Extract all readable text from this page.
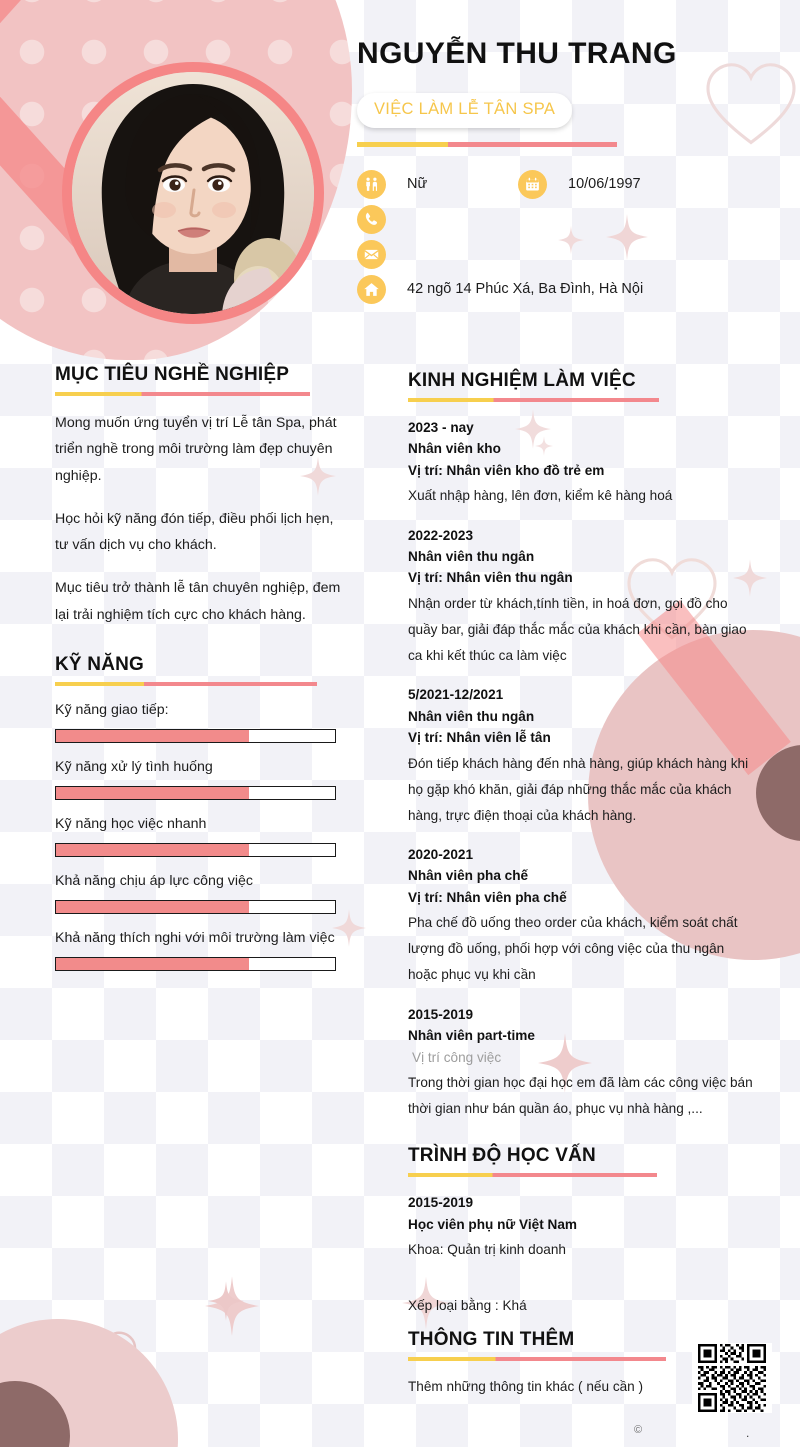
NGUYỄN THU TRANG
VIỆC LÀM LỄ TÂN SPA
Nữ	10/06/1997
42 ngõ 14 Phúc Xá, Ba Đình, Hà Nội
MỤC TIÊU NGHỀ NGHIỆP
Mong muốn ứng tuyển vị trí Lễ tân Spa, phát triển nghề trong môi trường làm đẹp chuyên nghiệp.
Học hỏi kỹ năng đón tiếp, điều phối lịch hẹn, tư vấn dịch vụ cho khách.
Mục tiêu trở thành lễ tân chuyên nghiệp, đem lại trải nghiệm tích cực cho khách hàng.
KỸ NĂNG
Kỹ năng giao tiếp:
Kỹ năng xử lý tình huống
Kỹ năng học việc nhanh
Khả năng chịu áp lực công việc
Khả năng thích nghi với môi trường làm việc
KINH NGHIỆM LÀM VIỆC
2023 - nay
Nhân viên kho
Vị trí: Nhân viên kho đồ trẻ em
Xuất nhập hàng, lên đơn, kiểm kê hàng hoá
2022-2023
Nhân viên thu ngân
Vị trí: Nhân viên thu ngân
Nhận order từ khách,tính tiền, in hoá đơn, gọi đồ cho quầy bar, giải đáp thắc mắc của khách khi cần, bàn giao ca khi kết thúc ca làm việc
5/2021-12/2021
Nhân viên thu ngân
Vị trí: Nhân viên lễ tân
Đón tiếp khách hàng đến nhà hàng, giúp khách hàng khi họ gặp khó khăn, giải đáp những thắc mắc của khách hàng, trực điện thoại của khách hàng.
2020-2021
Nhân viên pha chế
Vị trí: Nhân viên pha chế
Pha chế đồ uống theo order của khách, kiểm soát chất lượng đồ uống, phối hợp với công việc của thu ngân hoặc phục vụ khi cần
2015-2019
Nhân viên part-time
Vị trí công việc
Trong thời gian học đại học em đã làm các công việc bán thời gian như bán quần áo, phục vụ nhà hàng ,...
TRÌNH ĐỘ HỌC VẤN
2015-2019
Học viên phụ nữ Việt Nam
Khoa: Quản trị kinh doanh
Xếp loại bằng : Khá
THÔNG TIN THÊM
Thêm những thông tin khác ( nếu cần )
©	.
